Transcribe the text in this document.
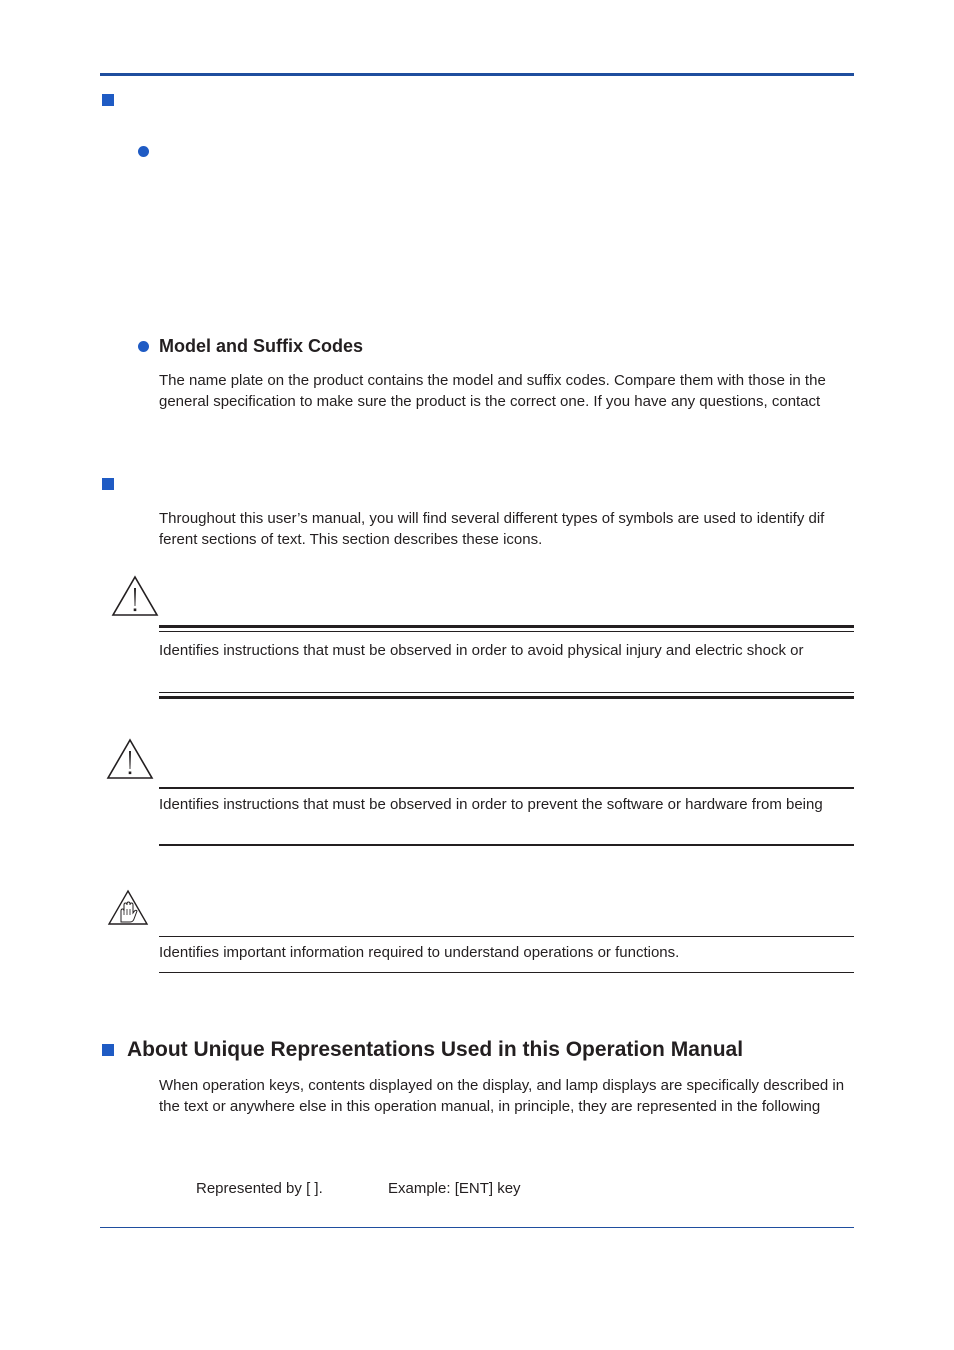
Model and Suffix Codes
The name plate on the product contains the model and suffix codes. Compare them with those in the general specification to make sure the product is the correct one. If you have any questions, contact
Throughout this user’s manual, you will find several different types of symbols are used to identify dif ferent sections of text. This section describes these icons.
Identifies instructions that must be observed in order to avoid physical injury and electric shock or
Identifies instructions that must be observed in order to prevent the software or hardware from being
Identifies important information required to understand operations or functions.
About Unique Representations Used in this Operation Manual
When operation keys, contents displayed on the display, and lamp displays are specifically described in the text or anywhere else in this operation manual, in principle, they are represented in the following
Represented by [ ].	Example: [ENT] key
